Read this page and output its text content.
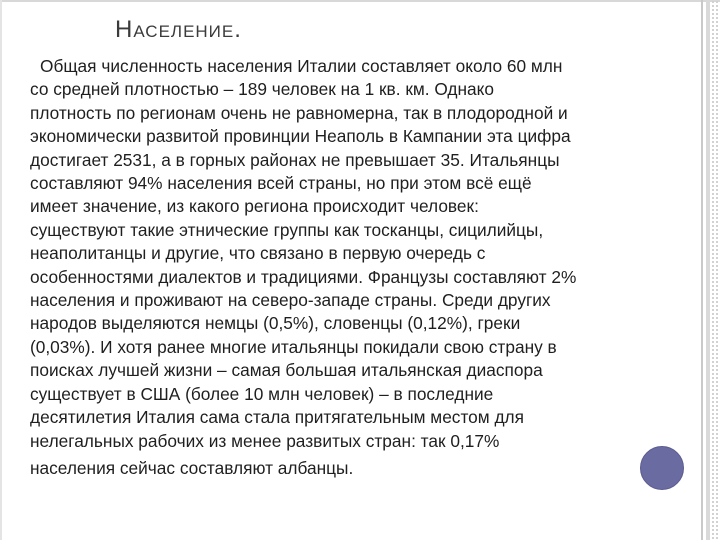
Население.
Общая численность населения Италии составляет около 60 млн
со средней плотностью – 189 человек на 1 кв. км. Однако
плотность по регионам очень не равномерна, так в плодородной и
экономически развитой провинции Неаполь в Кампании эта цифра
достигает 2531, а в горных районах не превышает 35. Итальянцы
составляют 94% населения всей страны, но при этом всё ещё
имеет значение, из какого региона происходит человек:
существуют такие этнические группы как тосканцы, сицилийцы,
неаполитанцы и другие, что связано в первую очередь с
особенностями диалектов и традициями. Французы составляют 2%
населения и проживают на северо-западе страны. Среди других
народов выделяются немцы (0,5%), словенцы (0,12%), греки
(0,03%). И хотя ранее многие итальянцы покидали свою страну в
поисках лучшей жизни – самая большая итальянская диаспора
существует в США (более 10 млн человек) – в последние
десятилетия Италия сама стала притягательным местом для
нелегальных рабочих из менее развитых стран: так 0,17%
населения сейчас составляют албанцы.
